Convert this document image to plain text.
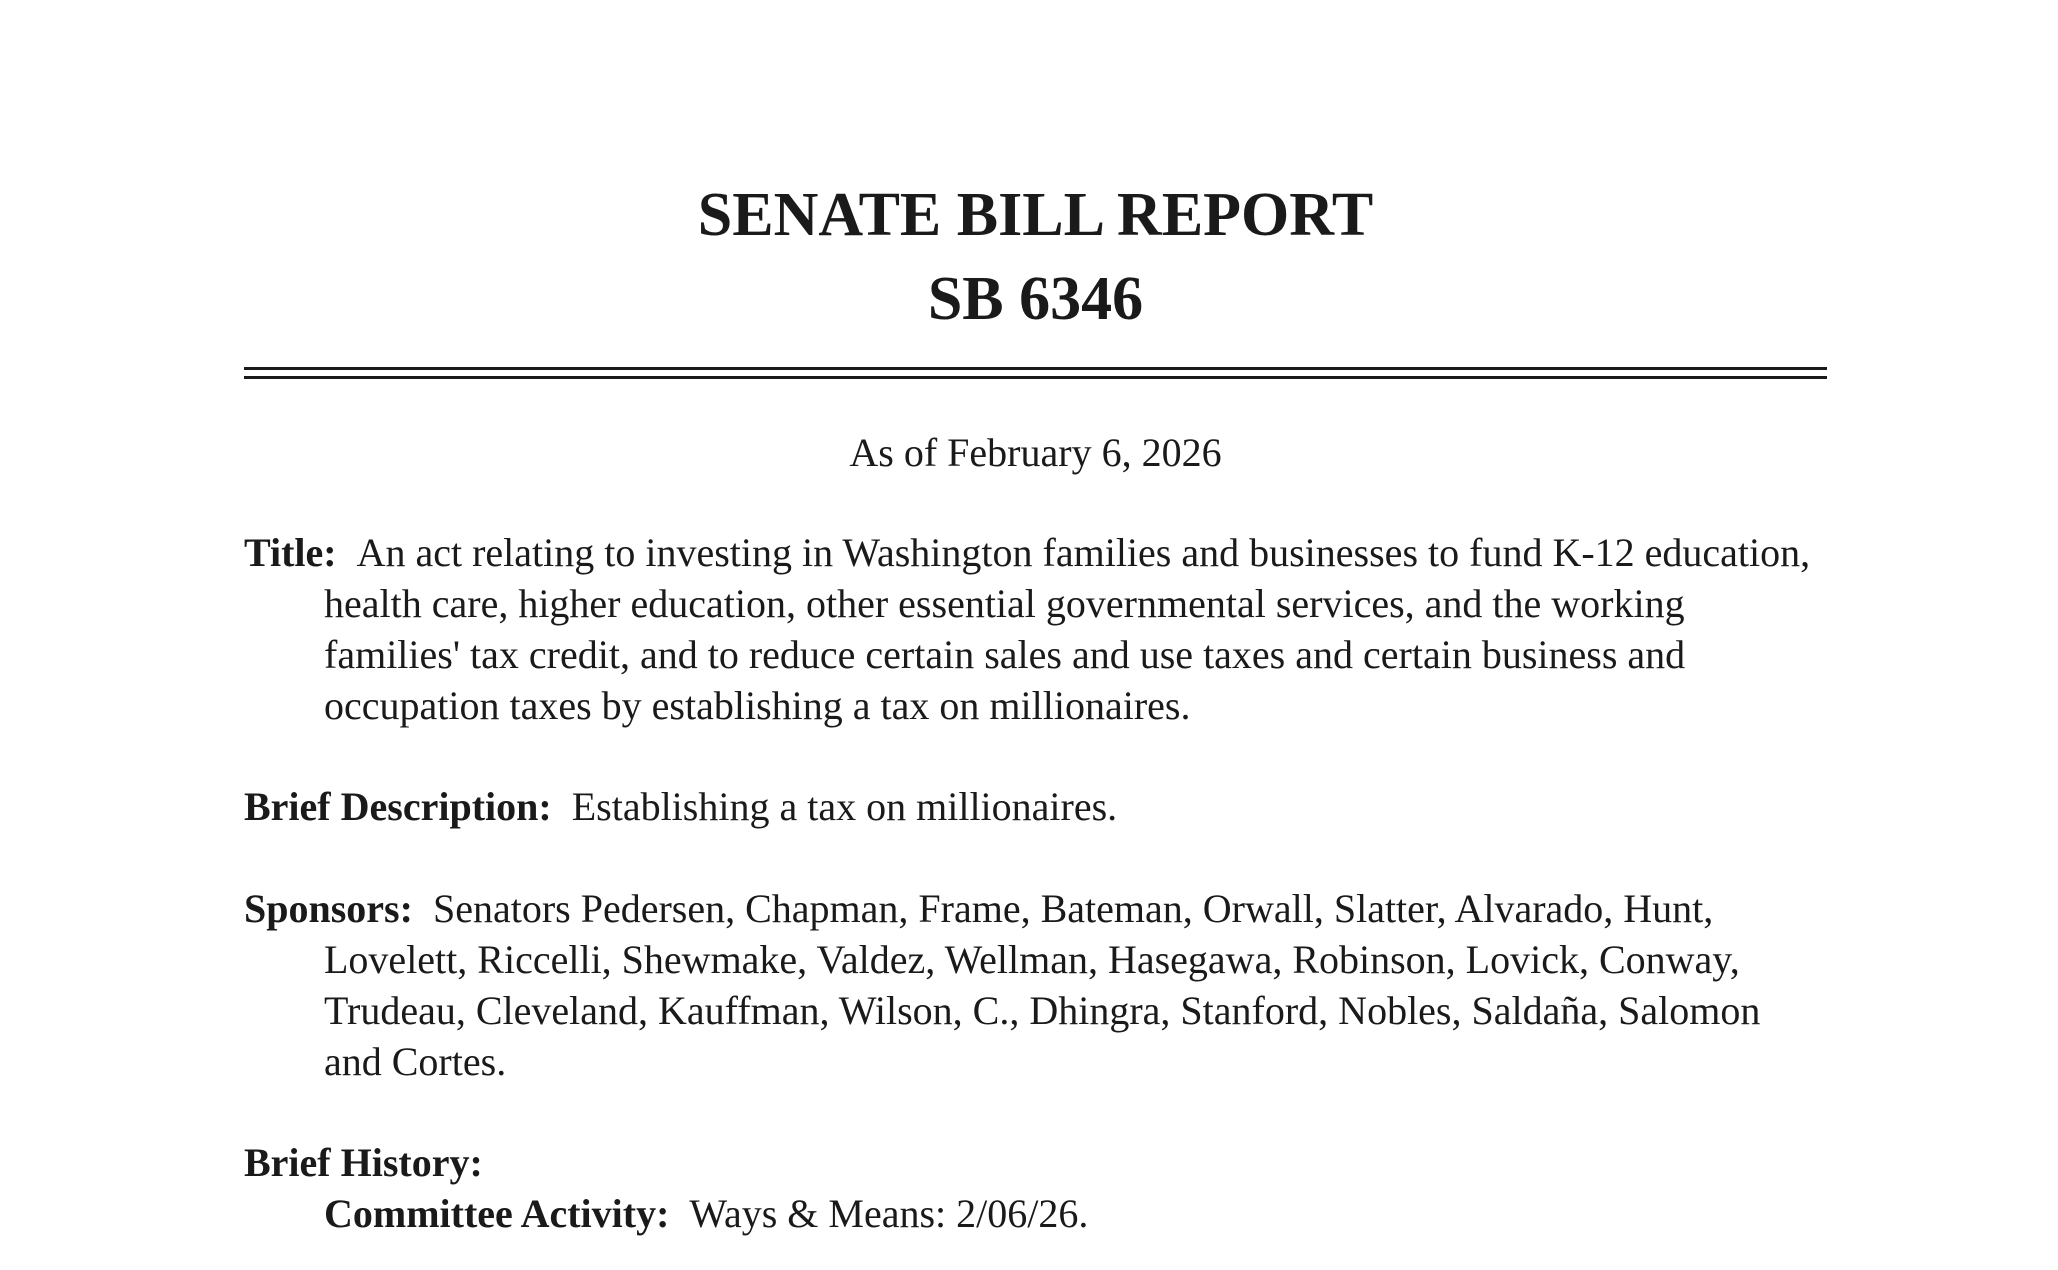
SENATE BILL REPORT
SB 6346
As of February 6, 2026
Title: An act relating to investing in Washington families and businesses to fund K-12 education, health care, higher education, other essential governmental services, and the working families' tax credit, and to reduce certain sales and use taxes and certain business and occupation taxes by establishing a tax on millionaires.
Brief Description: Establishing a tax on millionaires.
Sponsors: Senators Pedersen, Chapman, Frame, Bateman, Orwall, Slatter, Alvarado, Hunt, Lovelett, Riccelli, Shewmake, Valdez, Wellman, Hasegawa, Robinson, Lovick, Conway, Trudeau, Cleveland, Kauffman, Wilson, C., Dhingra, Stanford, Nobles, Saldaña, Salomon and Cortes.
Brief History:
Committee Activity: Ways & Means: 2/06/26.
